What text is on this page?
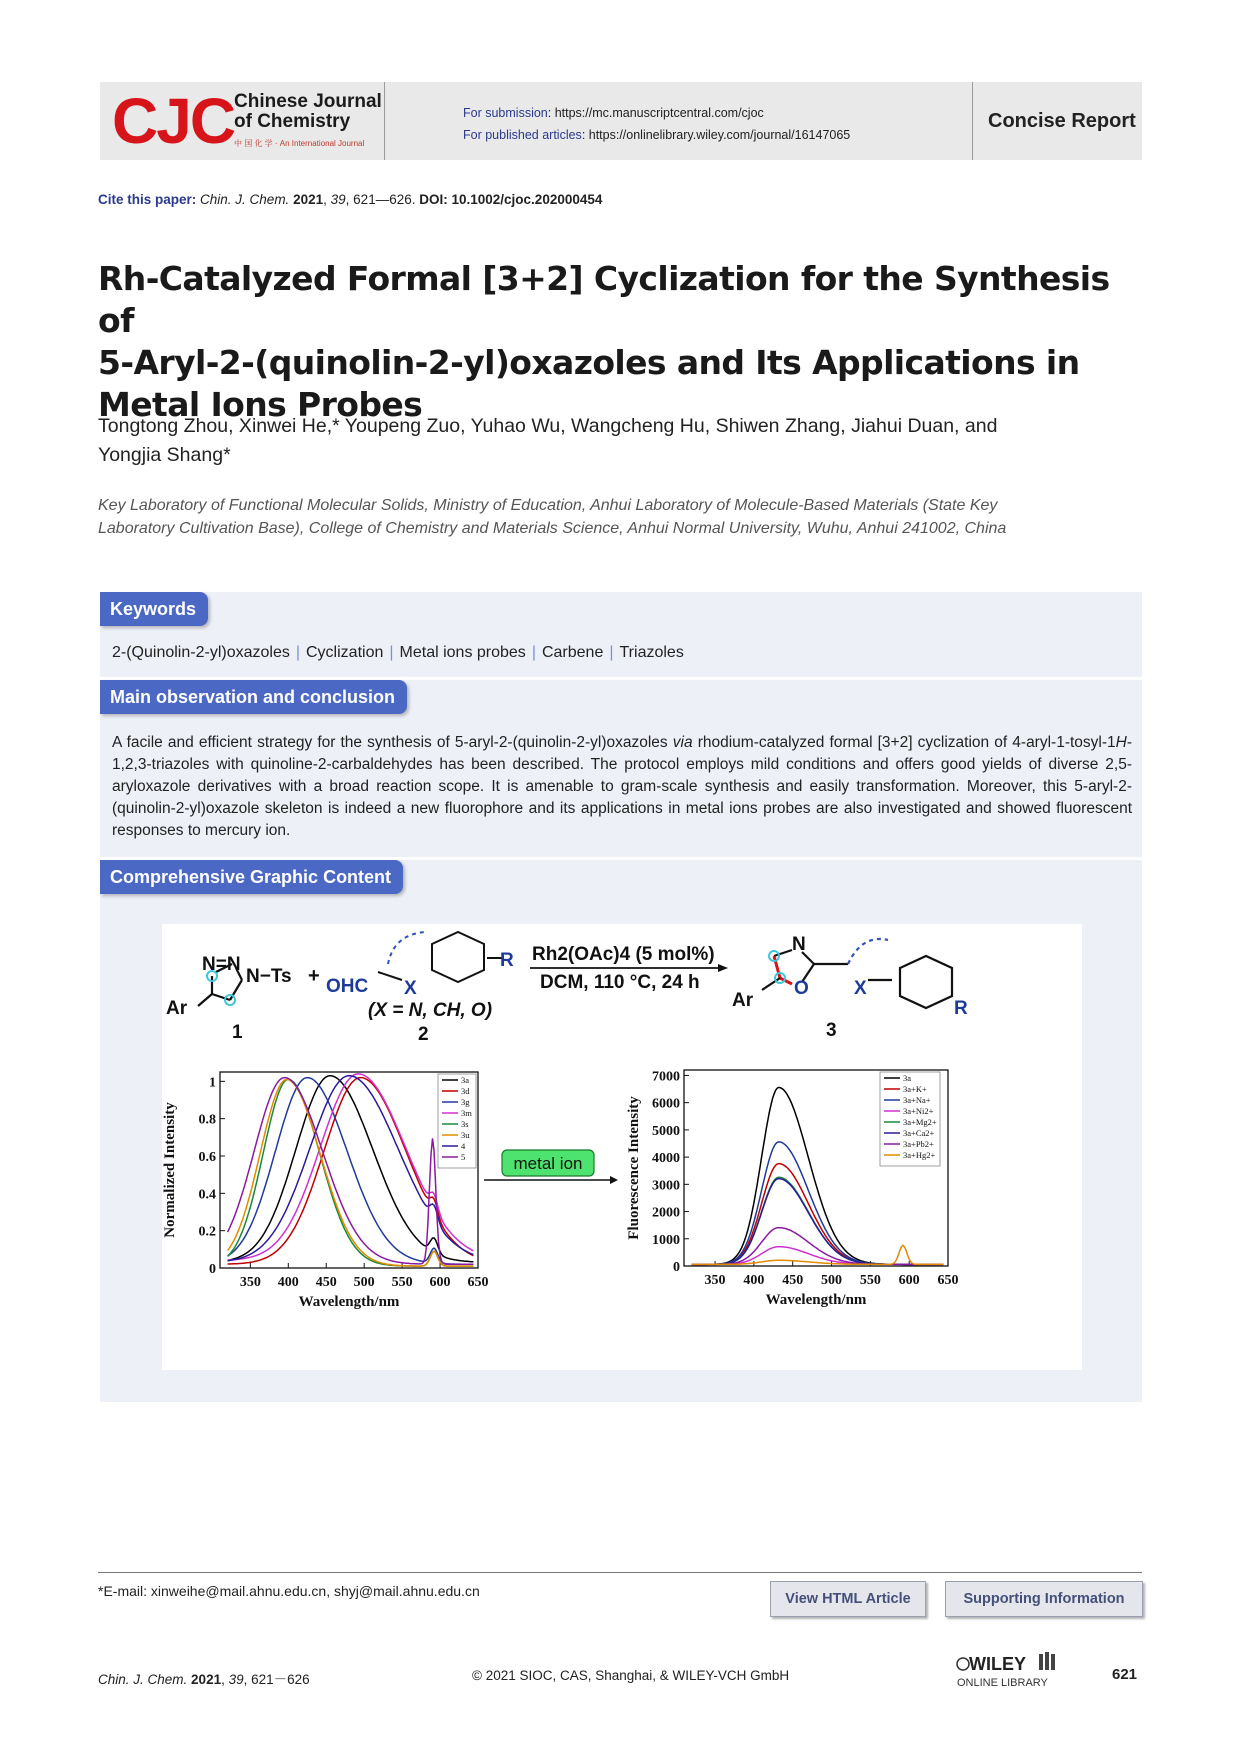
CJC Chinese Journal
of Chemistry
中 国 化 学 · An International Journal
For submission: https://mc.manuscriptcentral.com/cjoc
For published articles: https://onlinelibrary.wiley.com/journal/16147065
Concise Report
Cite this paper: Chin. J. Chem. 2021, 39, 621—626. DOI: 10.1002/cjoc.202000454
Rh-Catalyzed Formal [3+2] Cyclization for the Synthesis of
5-Aryl-2-(quinolin-2-yl)oxazoles and Its Applications in
Metal Ions Probes
Tongtong Zhou, Xinwei He,* Youpeng Zuo, Yuhao Wu, Wangcheng Hu, Shiwen Zhang, Jiahui Duan, and
Yongjia Shang*
Key Laboratory of Functional Molecular Solids, Ministry of Education, Anhui Laboratory of Molecule-Based Materials (State Key
Laboratory Cultivation Base), College of Chemistry and Materials Science, Anhui Normal University, Wuhu, Anhui 241002, China
Keywords
2-(Quinolin-2-yl)oxazoles | Cyclization | Metal ions probes | Carbene | Triazoles
Main observation and conclusion
A facile and efficient strategy for the synthesis of 5-aryl-2-(quinolin-2-yl)oxazoles via rhodium-catalyzed formal [3+2] cyclization of 4-aryl-1-tosyl-1H-1,2,3-triazoles with quinoline-2-carbaldehydes has been described. The protocol employs mild conditions and offers good yields of diverse 2,5-aryloxazole derivatives with a broad reaction scope. It is amenable to gram-scale synthesis and easily transformation. Moreover, this 5-aryl-2-(quinolin-2-yl)oxazole skeleton is indeed a new fluorophore and its applications in metal ions probes are also investigated and showed fluorescent responses to mercury ion.
Comprehensive Graphic Content
N=N
N−Ts
Ar
1
+ OHC X
R
(X = N, CH, O)
2
Rh2(OAc)4 (5 mol%)
DCM, 110 °C, 24 h
N
O
Ar
X
R
3
350 400 450 500 550 600 650
0
0.2
0.4
0.6
0.8
1
Wavelength/nm
Normalized Intensity
3a
3d
3g
3m
3s
3u
4
5	metal ion
350 400 450 500 550 600 650
0
1000
2000
3000
4000
5000
6000
7000
Wavelength/nm
Fluorescence Intensity
3a
3a+K+
3a+Na+
3a+Ni2+
3a+Mg2+
3a+Ca2+
3a+Pb2+
3a+Hg2+
*E-mail: xinweihe@mail.ahnu.edu.cn, shyj@mail.ahnu.edu.cn	View HTML Article	Supporting Information
Chin. J. Chem. 2021, 39, 621－626	© 2021 SIOC, CAS, Shanghai, & WILEY-VCH GmbH
WILEY
ONLINE LIBRARY	621
